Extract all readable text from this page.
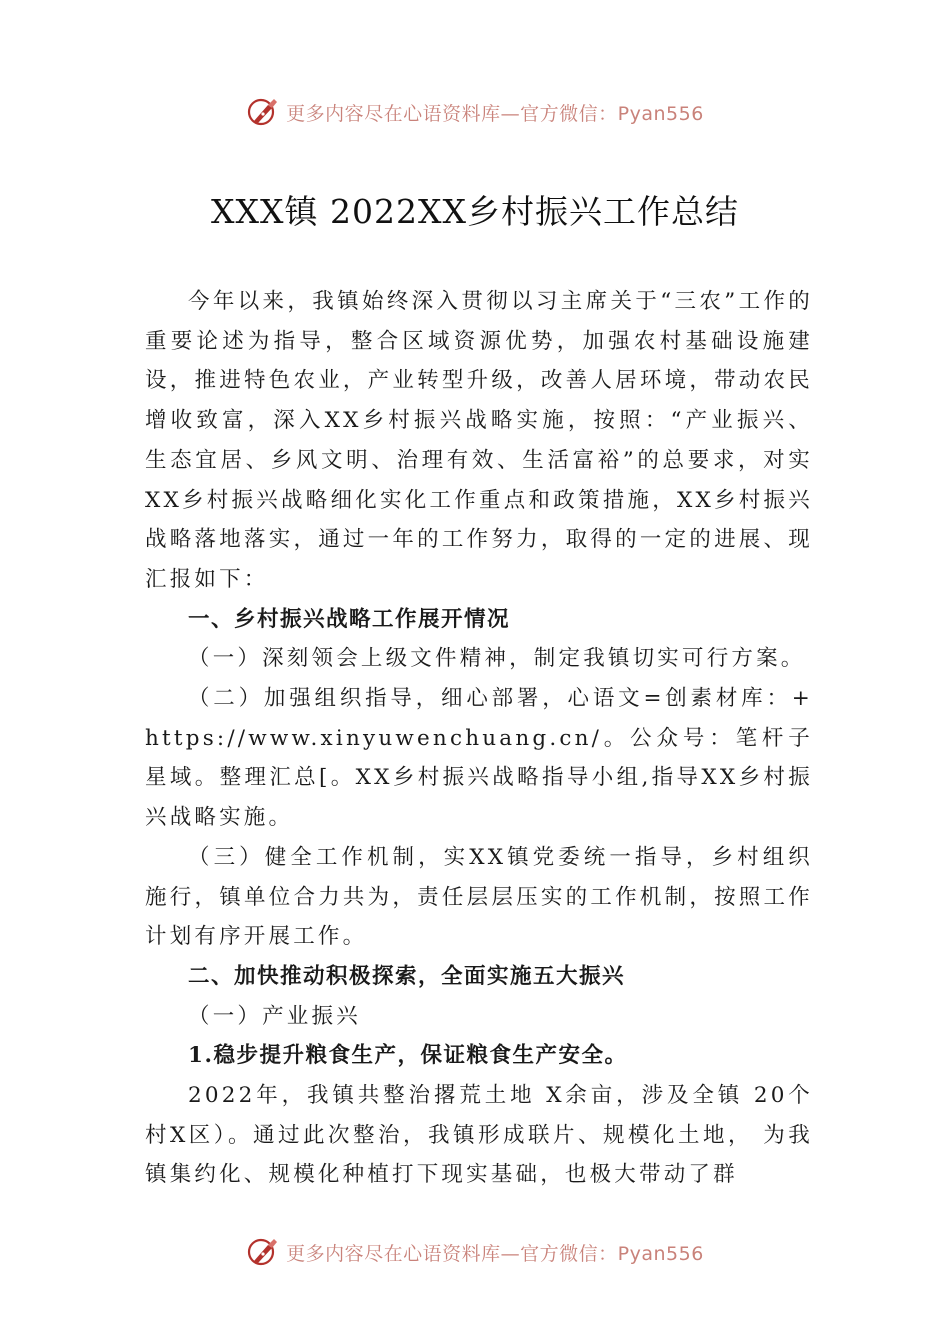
更多内容尽在心语资料库—官方微信：Pyan556
XXX镇 2022XX乡村振兴工作总结

今年以来，我镇始终深入贯彻以习主席关于“三农”工作的重要论述为指导，整合区域资源优势，加强农村基础设施建设，推进特色农业，产业转型升级，改善人居环境，带动农民增收致富，深入XX乡村振兴战略实施，按照：“产业振兴、生态宜居、乡风文明、治理有效、生活富裕”的总要求，对实XX乡村振兴战略细化实化工作重点和政策措施，XX乡村振兴战略落地落实，通过一年的工作努力，取得的一定的进展、现汇报如下：

一、乡村振兴战略工作展开情况

（一）深刻领会上级文件精神，制定我镇切实可行方案。

（二）加强组织指导，细心部署，心语文=创素材库：+https://www.xinyuwenchuang.cn/。公众号：笔杆子星域。整理汇总[。XX乡村振兴战略指导小组,指导XX乡村振兴战略实施。

（三）健全工作机制，实XX镇党委统一指导，乡村组织施行，镇单位合力共为，责任层层压实的工作机制，按照工作计划有序开展工作。

二、加快推动积极探索，全面实施五大振兴

（一）产业振兴

1.稳步提升粮食生产，保证粮食生产安全。

2022年，我镇共整治撂荒土地 X余亩，涉及全镇 20个村X区）。通过此次整治，我镇形成联片、规模化土地， 为我镇集约化、规模化种植打下现实基础，也极大带动了群

更多内容尽在心语资料库—官方微信：Pyan556
